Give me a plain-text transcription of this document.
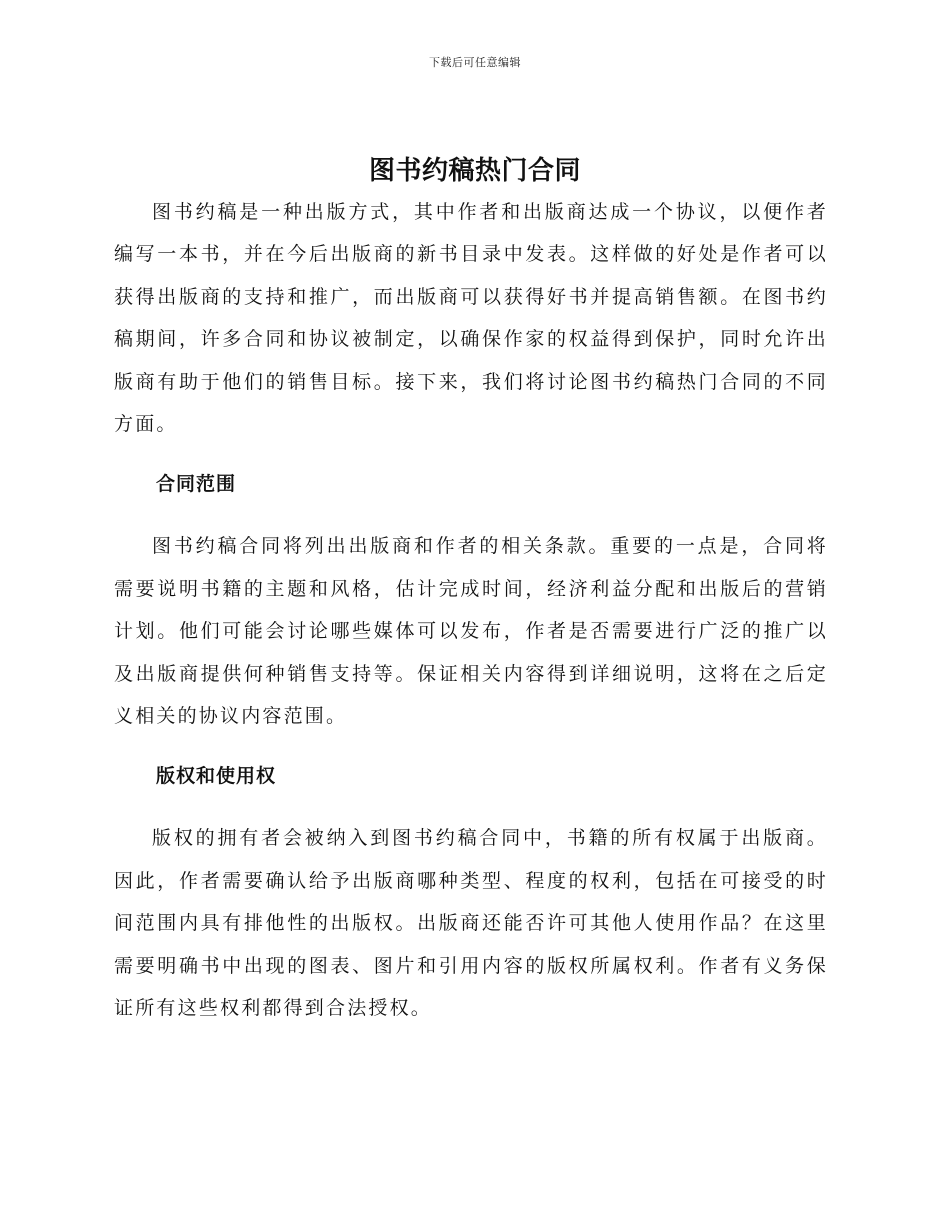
下载后可任意编辑
图书约稿热门合同

图书约稿是一种出版方式，其中作者和出版商达成一个协议，以便作者编写一本书，并在今后出版商的新书目录中发表。这样做的好处是作者可以获得出版商的支持和推广，而出版商可以获得好书并提高销售额。在图书约稿期间，许多合同和协议被制定，以确保作家的权益得到保护，同时允许出版商有助于他们的销售目标。接下来，我们将讨论图书约稿热门合同的不同方面。

合同范围

图书约稿合同将列出出版商和作者的相关条款。重要的一点是，合同将需要说明书籍的主题和风格，估计完成时间，经济利益分配和出版后的营销计划。他们可能会讨论哪些媒体可以发布，作者是否需要进行广泛的推广以及出版商提供何种销售支持等。保证相关内容得到详细说明，这将在之后定义相关的协议内容范围。

版权和使用权

版权的拥有者会被纳入到图书约稿合同中，书籍的所有权属于出版商。因此，作者需要确认给予出版商哪种类型、程度的权利，包括在可接受的时间范围内具有排他性的出版权。出版商还能否许可其他人使用作品？在这里需要明确书中出现的图表、图片和引用内容的版权所属权利。作者有义务保证所有这些权利都得到合法授权。
